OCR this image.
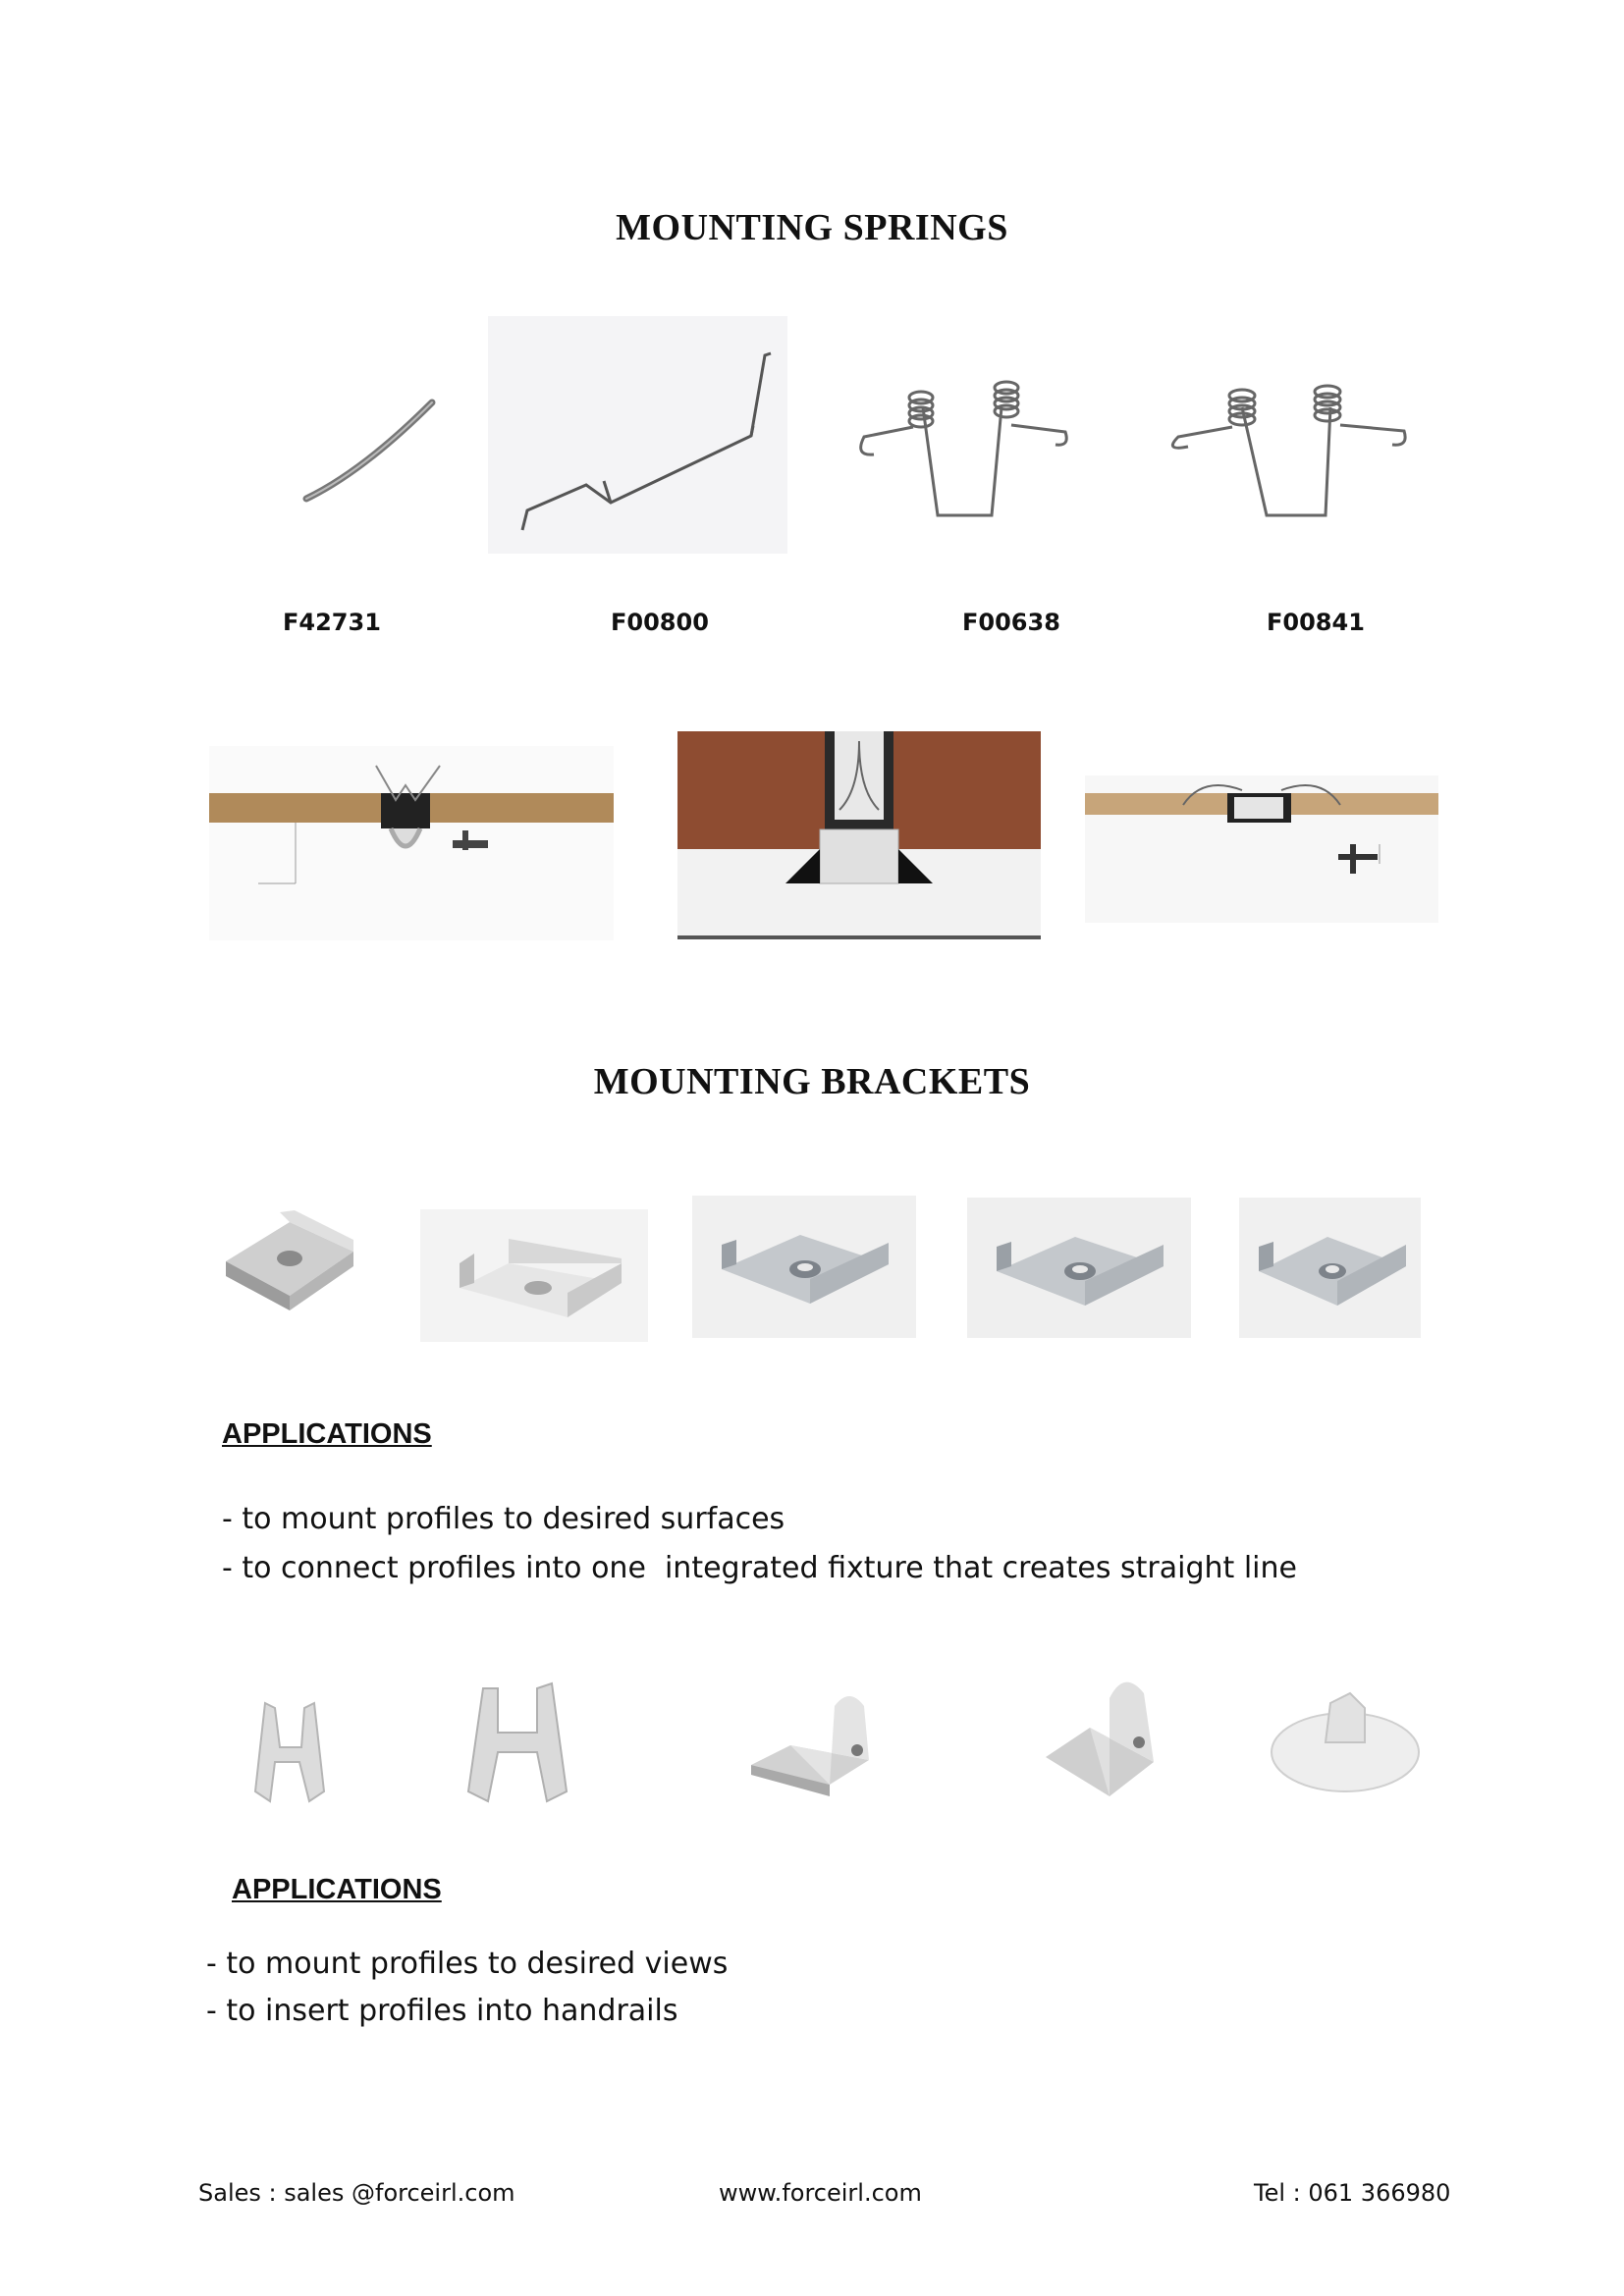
MOUNTING SPRINGS
F42731	F00800	F00638	F00841
MOUNTING BRACKETS
APPLICATIONS
- to mount profiles to desired surfaces
- to connect profiles into one  integrated fixture that creates straight line
APPLICATIONS
- to mount profiles to desired views
- to insert profiles into handrails
Sales : sales @forceirl.com	www.forceirl.com	Tel : 061 366980
